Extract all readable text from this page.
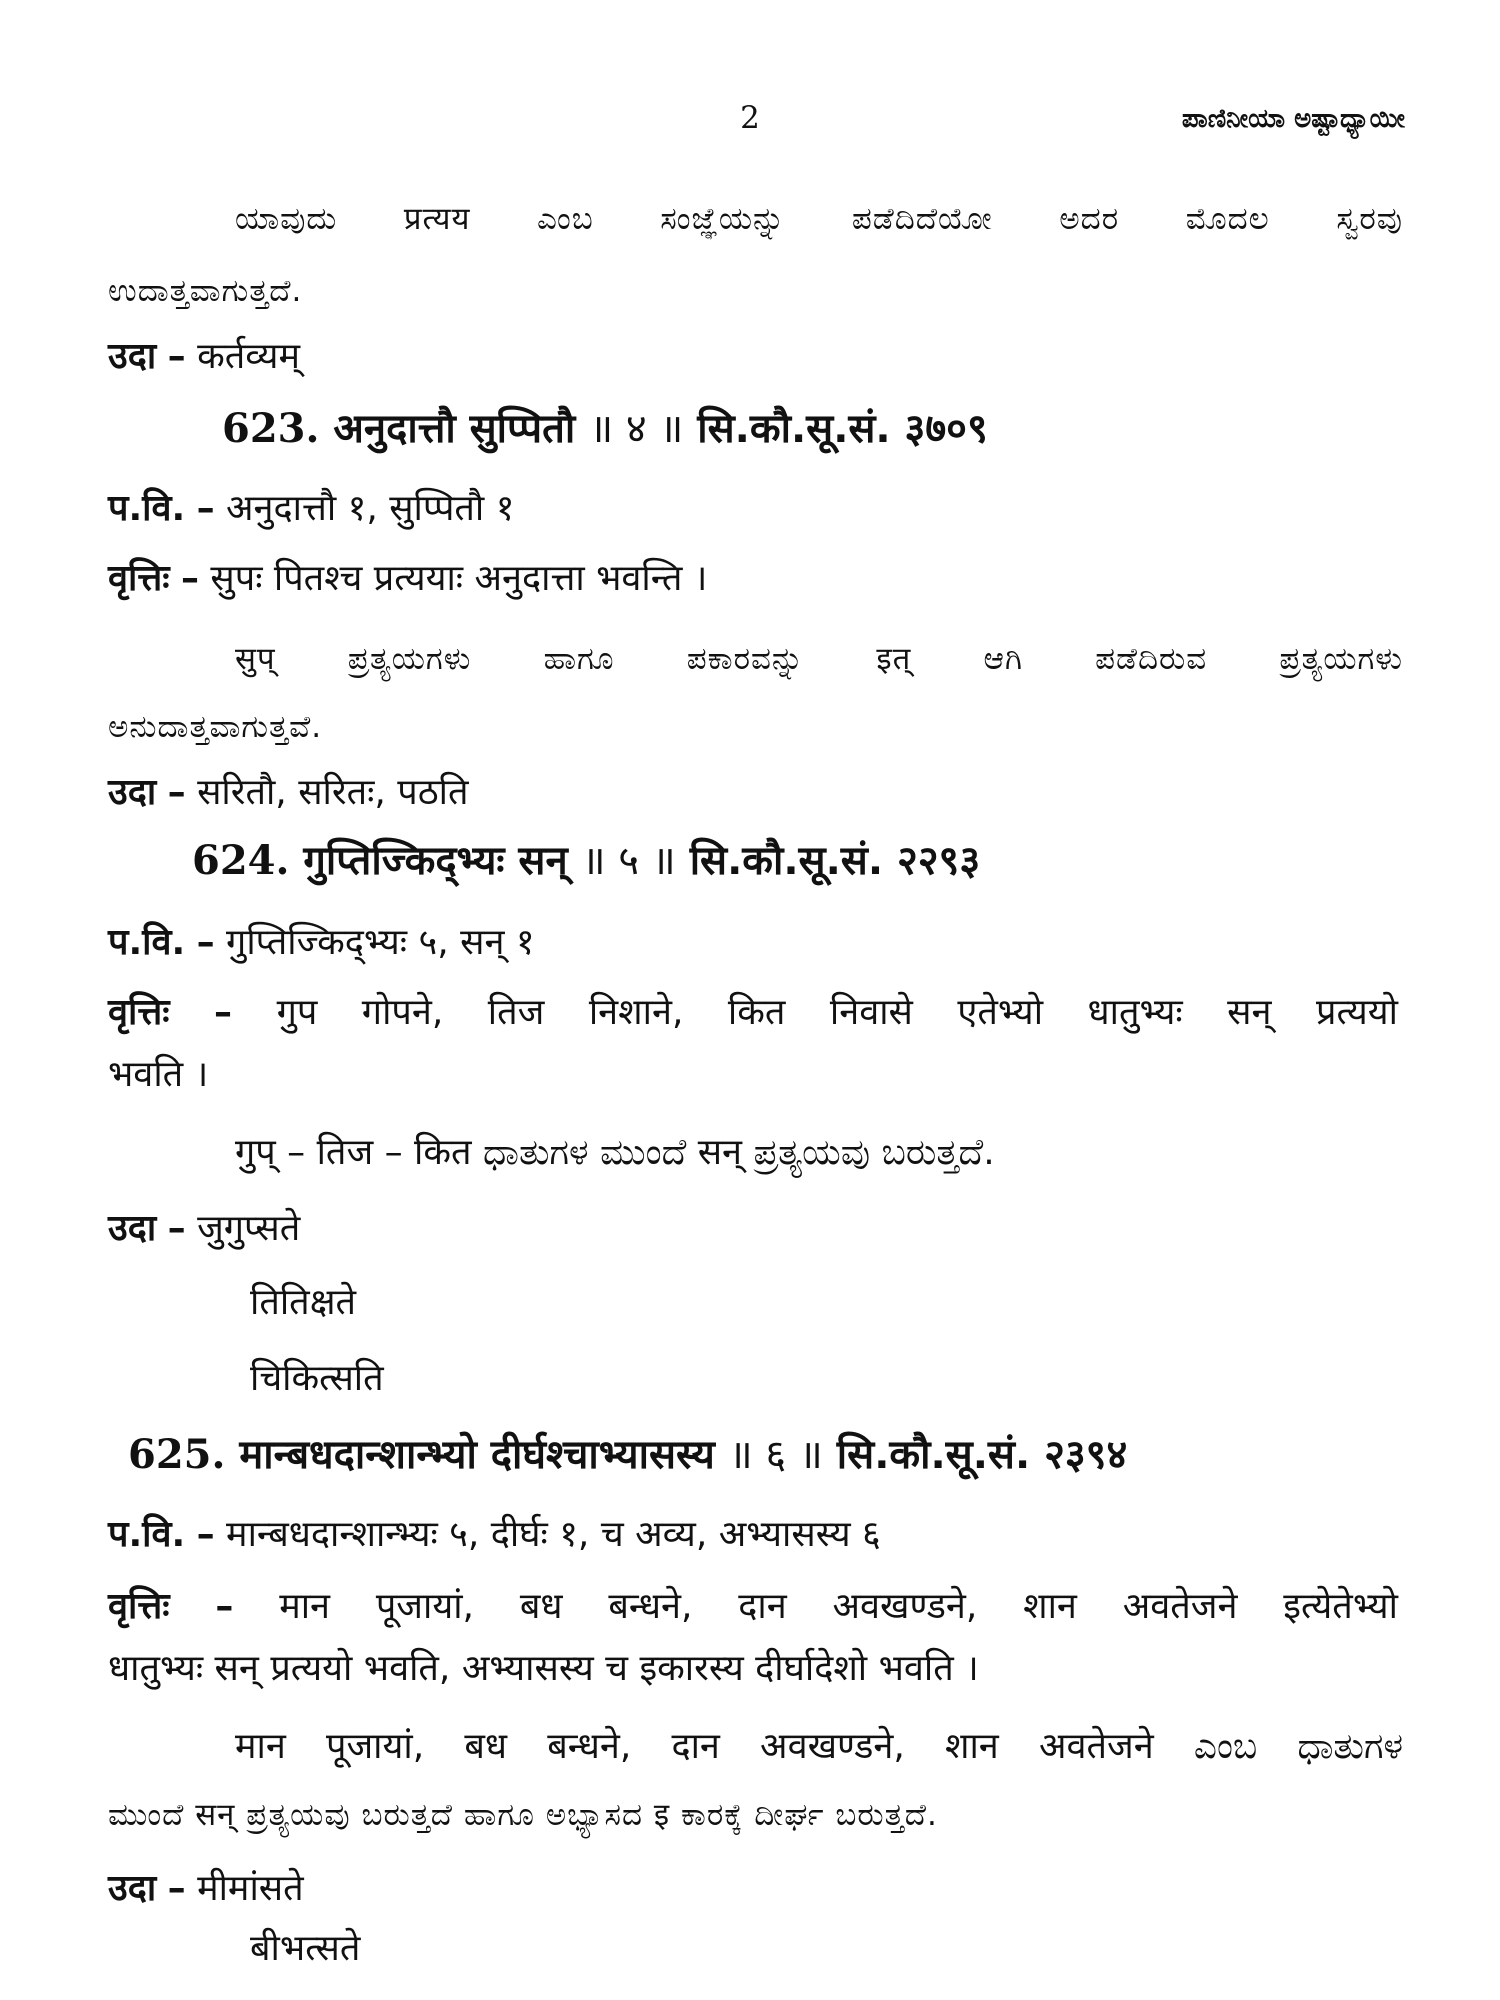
2	ಪಾಣಿನೀಯಾ ಅಷ್ಟಾಧ್ಯಾಯೀ
ಯಾವುದು प्रत्यय ಎಂಬ ಸಂಜ್ಞೆಯನ್ನು ಪಡೆದಿದೆಯೋ ಅದರ ಮೊದಲ ಸ್ವರವು
ಉದಾತ್ತವಾಗುತ್ತದೆ.
उदा – कर्तव्यम्
623. अनुदात्तौ सुप्पितौ ॥ ४ ॥ सि.कौ.सू.सं. ३७०९
प.वि. – अनुदात्तौ १, सुप्पितौ १
वृत्तिः – सुपः पितश्च प्रत्ययाः अनुदात्ता भवन्ति ।
सुप् ಪ್ರತ್ಯಯಗಳು ಹಾಗೂ ಪಕಾರವನ್ನು इत् ಆಗಿ ಪಡೆದಿರುವ ಪ್ರತ್ಯಯಗಳು
ಅನುದಾತ್ತವಾಗುತ್ತವೆ.
उदा – सरितौ, सरितः, पठति
624. गुप्तिज्किद्भ्यः सन् ॥ ५ ॥ सि.कौ.सू.सं. २२९३
प.वि. – गुप्तिज्किद्भ्यः ५, सन् १
वृत्तिः – गुप गोपने, तिज निशाने, कित निवासे एतेभ्यो धातुभ्यः सन् प्रत्ययो
भवति ।
गुप् – तिज – कित ಧಾತುಗಳ ಮುಂದೆ सन् ಪ್ರತ್ಯಯವು ಬರುತ್ತದೆ.
उदा – जुगुप्सते
तितिक्षते
चिकित्सति
625. मान्बधदान्शान्भ्यो दीर्घश्चाभ्यासस्य ॥ ६ ॥ सि.कौ.सू.सं. २३९४
प.वि. – मान्बधदान्शान्भ्यः ५, दीर्घः १, च अव्य, अभ्यासस्य ६
वृत्तिः – मान पूजायां, बध बन्धने, दान अवखण्डने, शान अवतेजने इत्येतेभ्यो
धातुभ्यः सन् प्रत्ययो भवति, अभ्यासस्य च इकारस्य दीर्घादेशो भवति ।
मान पूजायां, बध बन्धने, दान अवखण्डने, शान अवतेजने ಎಂಬ ಧಾತುಗಳ
ಮುಂದೆ सन् ಪ್ರತ್ಯಯವು ಬರುತ್ತದೆ ಹಾಗೂ ಅಭ್ಯಾಸದ इ ಕಾರಕ್ಕೆ ದೀರ್ಘ ಬರುತ್ತದೆ.
उदा – मीमांसते
बीभत्सते
